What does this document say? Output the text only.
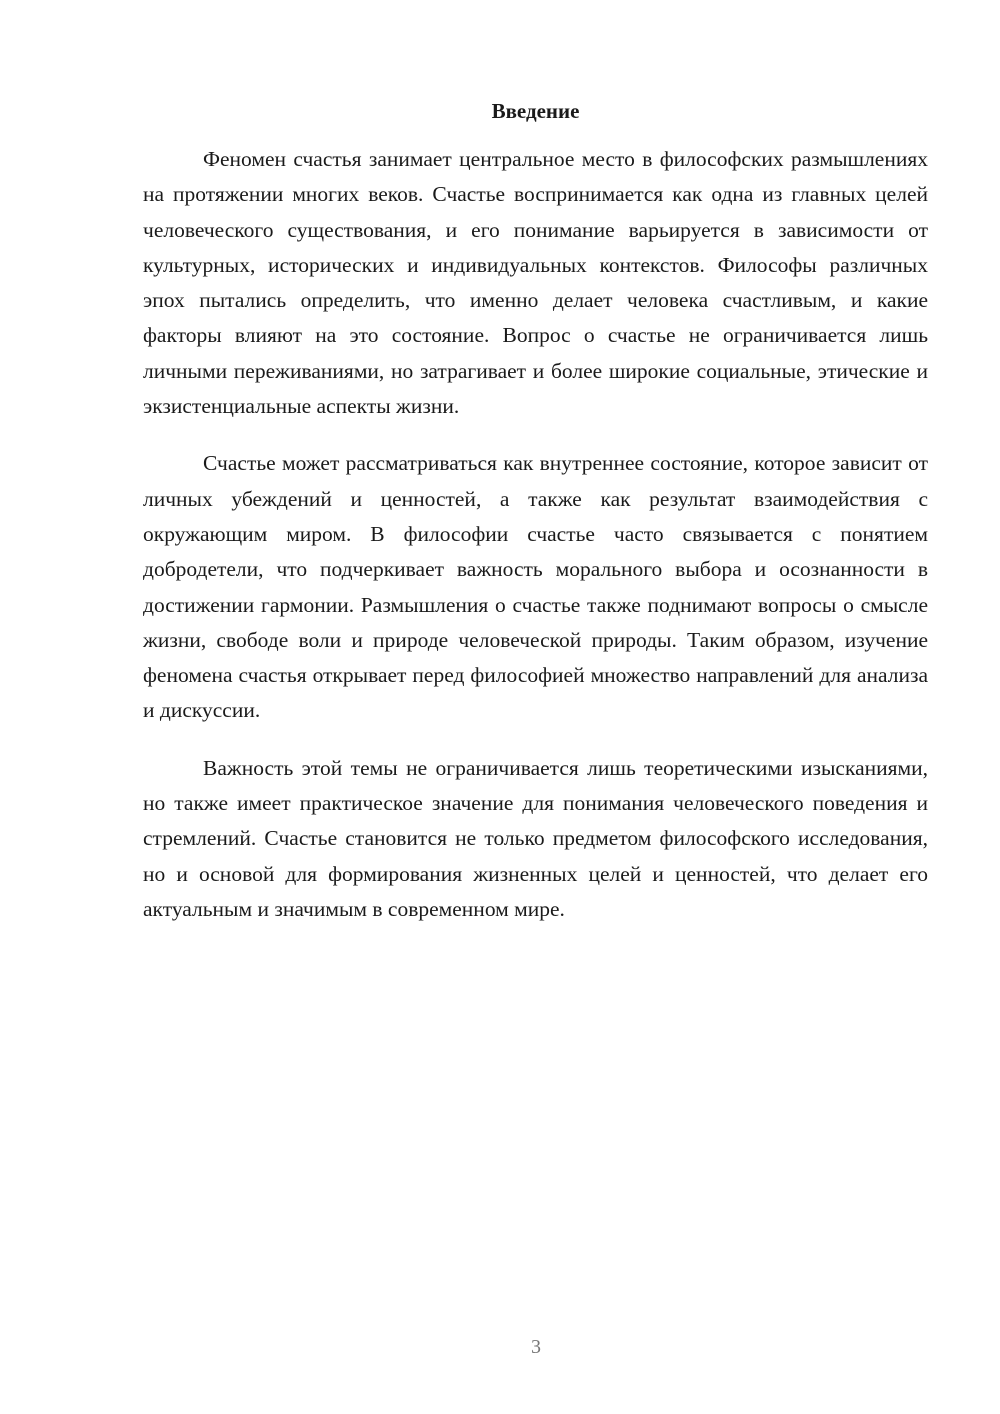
Введение

Феномен счастья занимает центральное место в философских размышлениях на протяжении многих веков. Счастье воспринимается как одна из главных целей человеческого существования, и его понимание варьируется в зависимости от культурных, исторических и индивидуальных контекстов. Философы различных эпох пытались определить, что именно делает человека счастливым, и какие факторы влияют на это состояние. Вопрос о счастье не ограничивается лишь личными переживаниями, но затрагивает и более широкие социальные, этические и экзистенциальные аспекты жизни.

Счастье может рассматриваться как внутреннее состояние, которое зависит от личных убеждений и ценностей, а также как результат взаимодействия с окружающим миром. В философии счастье часто связывается с понятием добродетели, что подчеркивает важность морального выбора и осознанности в достижении гармонии. Размышления о счастье также поднимают вопросы о смысле жизни, свободе воли и природе человеческой природы. Таким образом, изучение феномена счастья открывает перед философией множество направлений для анализа и дискуссии.

Важность этой темы не ограничивается лишь теоретическими изысканиями, но также имеет практическое значение для понимания человеческого поведения и стремлений. Счастье становится не только предметом философского исследования, но и основой для формирования жизненных целей и ценностей, что делает его актуальным и значимым в современном мире.

3
